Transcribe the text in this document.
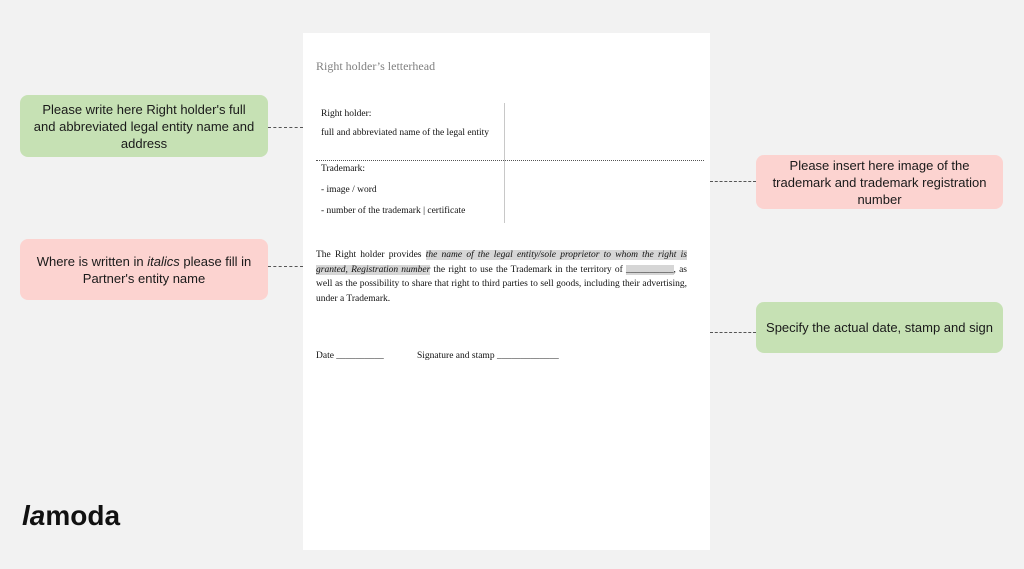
Please write here Right holder's full and abbreviated legal entity name and address
Where is written in italics please fill in Partner's entity name
Please insert here image of the trademark and trademark registration number
Specify the actual date, stamp and sign
Right holder’s letterhead
Right holder:
full and abbreviated name of the legal entity
Trademark:
- image / word
- number of the trademark | certificate
The Right holder provides the name of the legal entity/sole proprietor to whom the right is granted, Registration number the right to use the Trademark in the territory of __________, as well as the possibility to share that right to third parties to sell goods, including their advertising, under a Trademark.
Date __________	Signature and stamp _____________
lamoda
